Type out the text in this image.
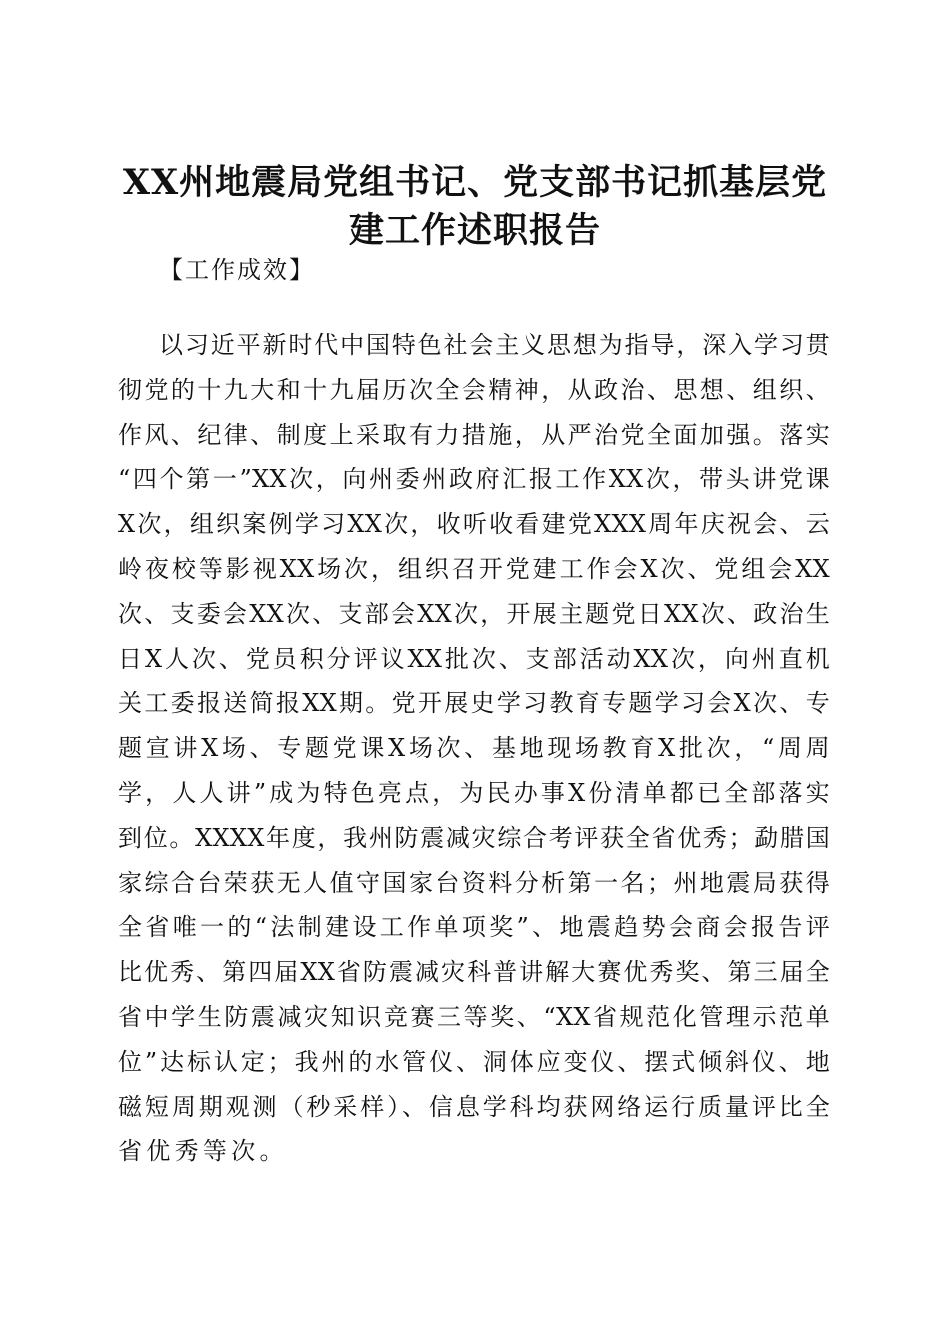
XX州地震局党组书记、党支部书记抓基层党
建工作述职报告
【工作成效】
以习近平新时代中国特色社会主义思想为指导，深入学习贯
彻党的十九大和十九届历次全会精神，从政治、思想、组织、
作风、纪律、制度上采取有力措施，从严治党全面加强。落实
“四个第一”XX次，向州委州政府汇报工作XX次，带头讲党课
X次，组织案例学习XX次，收听收看建党XXX周年庆祝会、云
岭夜校等影视XX场次，组织召开党建工作会X次、党组会XX
次、支委会XX次、支部会XX次，开展主题党日XX次、政治生
日X人次、党员积分评议XX批次、支部活动XX次，向州直机
关工委报送简报XX期。党开展史学习教育专题学习会X次、专
题宣讲X场、专题党课X场次、基地现场教育X批次，“周周
学，人人讲”成为特色亮点，为民办事X份清单都已全部落实
到位。XXXX年度，我州防震减灾综合考评获全省优秀；勐腊国
家综合台荣获无人值守国家台资料分析第一名；州地震局获得
全省唯一的“法制建设工作单项奖”、地震趋势会商会报告评
比优秀、第四届XX省防震减灾科普讲解大赛优秀奖、第三届全
省中学生防震减灾知识竞赛三等奖、“XX省规范化管理示范单
位”达标认定；我州的水管仪、洞体应变仪、摆式倾斜仪、地
磁短周期观测（秒采样）、信息学科均获网络运行质量评比全
省优秀等次。
